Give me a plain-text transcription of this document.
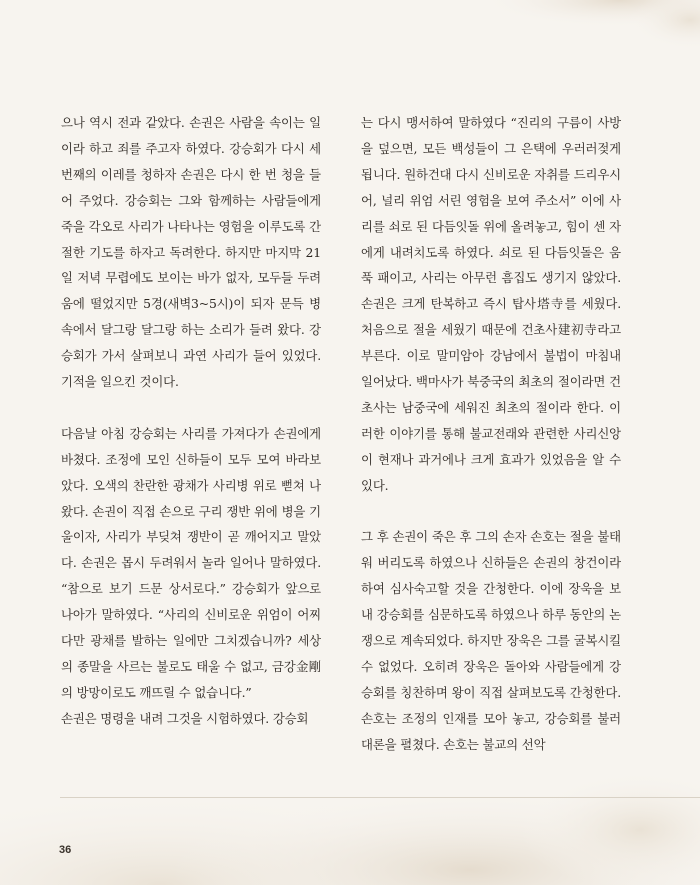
으나 역시 전과 같았다. 손권은 사람을 속이는 일이라 하고 죄를 주고자 하였다. 강승회가 다시 세 번째의 이레를 청하자 손권은 다시 한 번 청을 들어 주었다. 강승회는 그와 함께하는 사람들에게 죽을 각오로 사리가 나타나는 영험을 이루도록 간절한 기도를 하자고 독려한다. 하지만 마지막 21일 저녁 무렵에도 보이는 바가 없자, 모두들 두려움에 떨었지만 5경(새벽3~5시)이 되자 문득 병 속에서 달그랑 달그랑 하는 소리가 들려 왔다. 강승회가 가서 살펴보니 과연 사리가 들어 있었다. 기적을 일으킨 것이다.

다음날 아침 강승회는 사리를 가져다가 손권에게 바쳤다. 조정에 모인 신하들이 모두 모여 바라보았다. 오색의 찬란한 광채가 사리병 위로 뻗쳐 나왔다. 손권이 직접 손으로 구리 쟁반 위에 병을 기울이자, 사리가 부딪쳐 쟁반이 곧 깨어지고 말았다. 손권은 몹시 두려워서 놀라 일어나 말하였다. “참으로 보기 드문 상서로다.” 강승회가 앞으로 나아가 말하였다. “사리의 신비로운 위엄이 어찌 다만 광채를 발하는 일에만 그치겠습니까? 세상의 종말을 사르는 불로도 태울 수 없고, 금강金剛의 방망이로도 깨뜨릴 수 없습니다.”

손권은 명령을 내려 그것을 시험하였다. 강승회

는 다시 맹서하여 말하였다 “진리의 구름이 사방을 덮으면, 모든 백성들이 그 은택에 우러러젖게 됩니다. 원하건대 다시 신비로운 자취를 드리우시어, 널리 위엄 서린 영험을 보여 주소서” 이에 사리를 쇠로 된 다듬잇돌 위에 올려놓고, 힘이 센 자에게 내려치도록 하였다. 쇠로 된 다듬잇돌은 움푹 패이고, 사리는 아무런 흠집도 생기지 않았다. 손권은 크게 탄복하고 즉시 탑사塔寺를 세웠다. 처음으로 절을 세웠기 때문에 건초사建初寺라고 부른다. 이로 말미암아 강남에서 불법이 마침내 일어났다. 백마사가 북중국의 최초의 절이라면 건초사는 남중국에 세워진 최초의 절이라 한다. 이러한 이야기를 통해 불교전래와 관련한 사리신앙이 현재나 과거에나 크게 효과가 있었음을 알 수 있다.

그 후 손권이 죽은 후 그의 손자 손호는 절을 불태워 버리도록 하였으나 신하들은 손권의 창건이라 하여 심사숙고할 것을 간청한다. 이에 장욱을 보내 강승회를 심문하도록 하였으나 하루 동안의 논쟁으로 계속되었다. 하지만 장욱은 그를 굴복시킬 수 없었다. 오히려 장욱은 돌아와 사람들에게 강승회를 칭찬하며 왕이 직접 살펴보도록 간청한다. 손호는 조정의 인재를 모아 놓고, 강승회를 불러 대론을 펼쳤다. 손호는 불교의 선악

36
